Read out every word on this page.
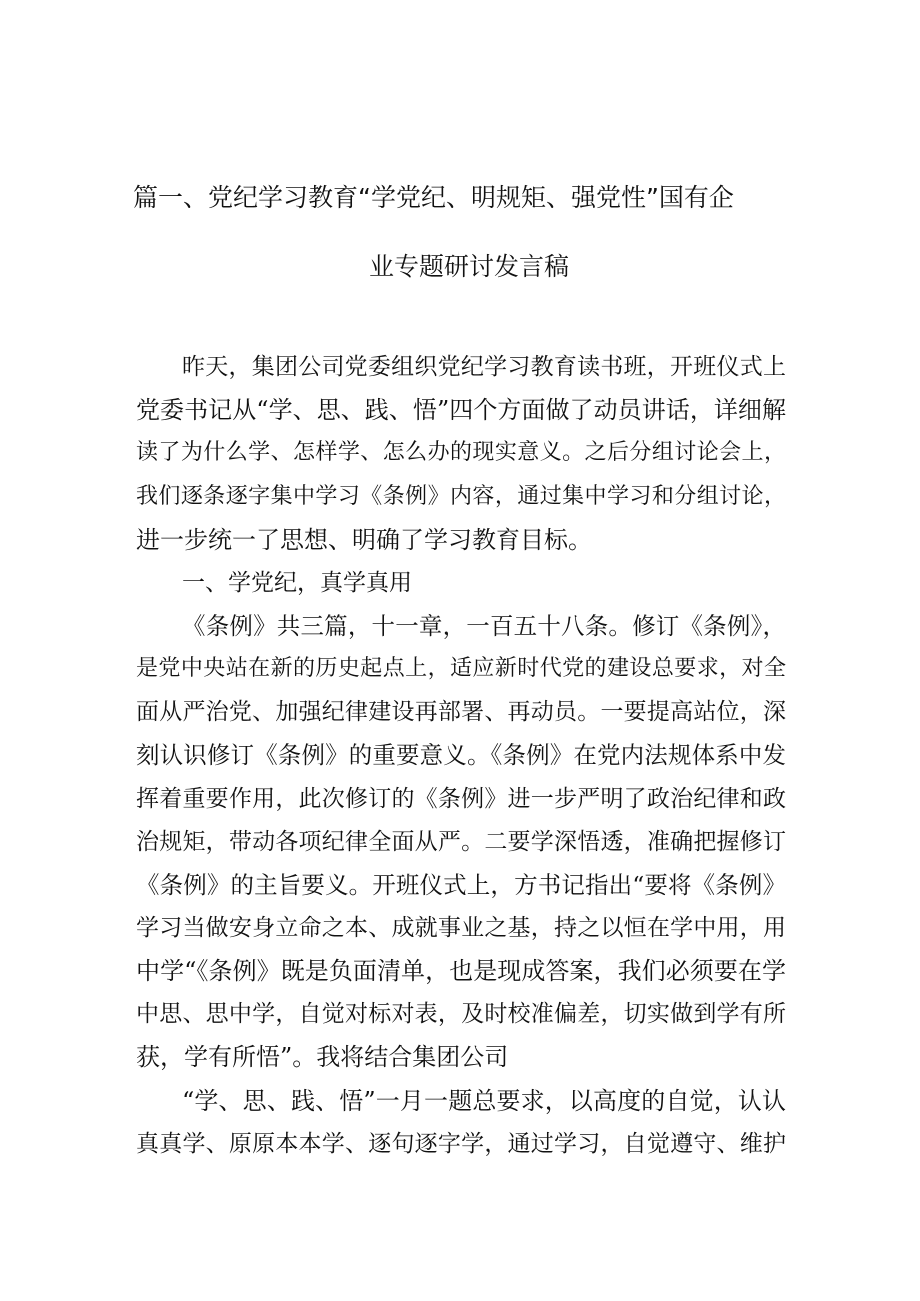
篇一、党纪学习教育“学党纪、明规矩、强党性”国有企
业专题研讨发言稿
昨天，集团公司党委组织党纪学习教育读书班，开班仪式上
党委书记从“学、思、践、悟”四个方面做了动员讲话，详细解
读了为什么学、怎样学、怎么办的现实意义。之后分组讨论会上，
我们逐条逐字集中学习《条例》内容，通过集中学习和分组讨论，
进一步统一了思想、明确了学习教育目标。
一、学党纪，真学真用
《条例》共三篇，十一章，一百五十八条。修订《条例》，
是党中央站在新的历史起点上，适应新时代党的建设总要求，对全
面从严治党、加强纪律建设再部署、再动员。一要提高站位，深
刻认识修订《条例》的重要意义。《条例》在党内法规体系中发
挥着重要作用，此次修订的《条例》进一步严明了政治纪律和政
治规矩，带动各项纪律全面从严。二要学深悟透，准确把握修订
《条例》的主旨要义。开班仪式上，方书记指出“要将《条例》
学习当做安身立命之本、成就事业之基，持之以恒在学中用，用
中学“《条例》既是负面清单，也是现成答案，我们必须要在学
中思、思中学，自觉对标对表，及时校准偏差，切实做到学有所
获，学有所悟”。我将结合集团公司
“学、思、践、悟”一月一题总要求，以高度的自觉，认认
真真学、原原本本学、逐句逐字学，通过学习，自觉遵守、维护
